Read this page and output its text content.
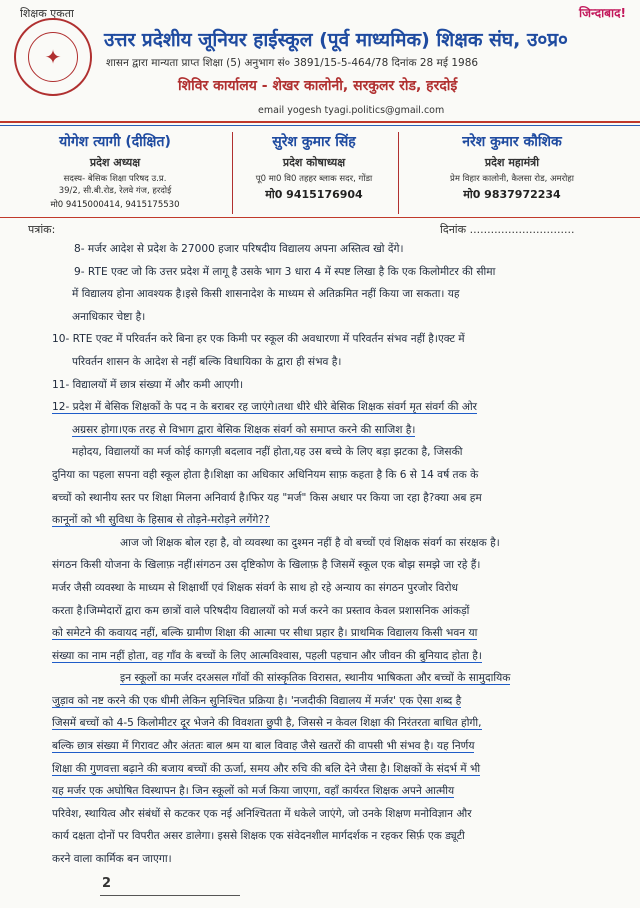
शिक्षक एकता	जिन्दाबाद!
✦
उत्तर प्रदेशीय जूनियर हाईस्कूल (पूर्व माध्यमिक) शिक्षक संघ, उ०प्र०
शासन द्वारा मान्यता प्राप्त शिक्षा (5) अनुभाग सं० 3891/15-5-464/78 दिनांक 28 मई 1986
शिविर कार्यालय - शेखर कालोनी, सरकुलर रोड, हरदोई
email yogesh tyagi.politics@gmail.com
योगेश त्यागी (दीक्षित)
प्रदेश अध्यक्ष
सदस्य- बेसिक शिक्षा परिषद उ.प्र.
39/2, सी.बी.रोड, रेलवे गंज, हरदोई
मो0 9415000414, 9415175530
सुरेश कुमार सिंह
प्रदेश कोषाध्यक्ष
पू0 मा0 वि0 तहहर ब्लाक सदर, गोंडा
मो0 9415176904
नरेश कुमार कौशिक
प्रदेश महामंत्री
प्रेम विहार कालोनी, कैलसा रोड, अमरोहा
मो0 9837972234
पत्रांक:	दिनांक ..............................
8- मर्जर आदेश से प्रदेश के 27000 हजार परिषदीय विद्यालय अपना अस्तित्व खो देंगे।
9- RTE एक्ट जो कि उत्तर प्रदेश में लागू है उसके भाग 3 धारा 4 में स्पष्ट लिखा है कि एक किलोमीटर की सीमा
में विद्यालय होना आवश्यक है।इसे किसी शासनादेश के माध्यम से अतिक्रमित नहीं किया जा सकता। यह
अनाधिकार चेष्टा है।
10- RTE एक्ट में परिवर्तन करे बिना हर एक किमी पर स्कूल की अवधारणा में परिवर्तन संभव नहीं है।एक्ट में
परिवर्तन शासन के आदेश से नहीं बल्कि विधायिका के द्वारा ही संभव है।
11- विद्यालयों में छात्र संख्या में और कमी आएगी।
12- प्रदेश में बेसिक शिक्षकों के पद न के बराबर रह जाएंगे।तथा धीरे धीरे बेसिक शिक्षक संवर्ग मृत संवर्ग की ओर
अग्रसर होगा।एक तरह से विभाग द्वारा बेसिक शिक्षक संवर्ग को समाप्त करने की साजिश है।
महोदय, विद्यालयों का मर्ज कोई कागज़ी बदलाव नहीं होता,यह उस बच्चे के लिए बड़ा झटका है, जिसकी
दुनिया का पहला सपना वही स्कूल होता है।शिक्षा का अधिकार अधिनियम साफ़ कहता है कि 6 से 14 वर्ष तक के
बच्चों को स्थानीय स्तर पर शिक्षा मिलना अनिवार्य है।फिर यह "मर्ज" किस अधार पर किया जा रहा है?क्या अब हम
कानूनों को भी सुविधा के हिसाब से तोड़ने-मरोड़ने लगेंगे??
आज जो शिक्षक बोल रहा है, वो व्यवस्था का दुश्मन नहीं है वो बच्चों एवं शिक्षक संवर्ग का संरक्षक है।
संगठन किसी योजना के खिलाफ़ नहीं।संगठन उस दृष्टिकोण के खिलाफ़ है जिसमें स्कूल एक बोझ समझे जा रहे हैं।
मर्जर जैसी व्यवस्था के माध्यम से शिक्षार्थी एवं शिक्षक संवर्ग के साथ हो रहे अन्याय का संगठन पुरजोर विरोध
करता है।जिम्मेदारों द्वारा कम छात्रों वाले परिषदीय विद्यालयों को मर्ज करने का प्रस्ताव केवल प्रशासनिक आंकड़ों
को समेटने की कवायद नहीं, बल्कि ग्रामीण शिक्षा की आत्मा पर सीधा प्रहार है। प्राथमिक विद्यालय किसी भवन या
संख्या का नाम नहीं होता, वह गाँव के बच्चों के लिए आत्मविश्वास, पहली पहचान और जीवन की बुनियाद होता है।
इन स्कूलों का मर्जर दरअसल गाँवों की सांस्कृतिक विरासत, स्थानीय भाषिकता और बच्चों के सामुदायिक
जुड़ाव को नष्ट करने की एक धीमी लेकिन सुनिश्चित प्रक्रिया है। 'नजदीकी विद्यालय में मर्जर' एक ऐसा शब्द है
जिसमें बच्चों को 4-5 किलोमीटर दूर भेजने की विवशता छुपी है, जिससे न केवल शिक्षा की निरंतरता बाधित होगी,
बल्कि छात्र संख्या में गिरावट और अंततः बाल श्रम या बाल विवाह जैसे खतरों की वापसी भी संभव है। यह निर्णय
शिक्षा की गुणवत्ता बढ़ाने की बजाय बच्चों की ऊर्जा, समय और रुचि की बलि देने जैसा है। शिक्षकों के संदर्भ में भी
यह मर्जर एक अघोषित विस्थापन है। जिन स्कूलों को मर्ज किया जाएगा, वहाँ कार्यरत शिक्षक अपने आत्मीय
परिवेश, स्थायित्व और संबंधों से कटकर एक नई अनिश्चितता में धकेले जाएंगे, जो उनके शिक्षण मनोविज्ञान और
कार्य दक्षता दोनों पर विपरीत असर डालेगा। इससे शिक्षक एक संवेदनशील मार्गदर्शक न रहकर सिर्फ़ एक ड्यूटी
करने वाला कार्मिक बन जाएगा।
2
